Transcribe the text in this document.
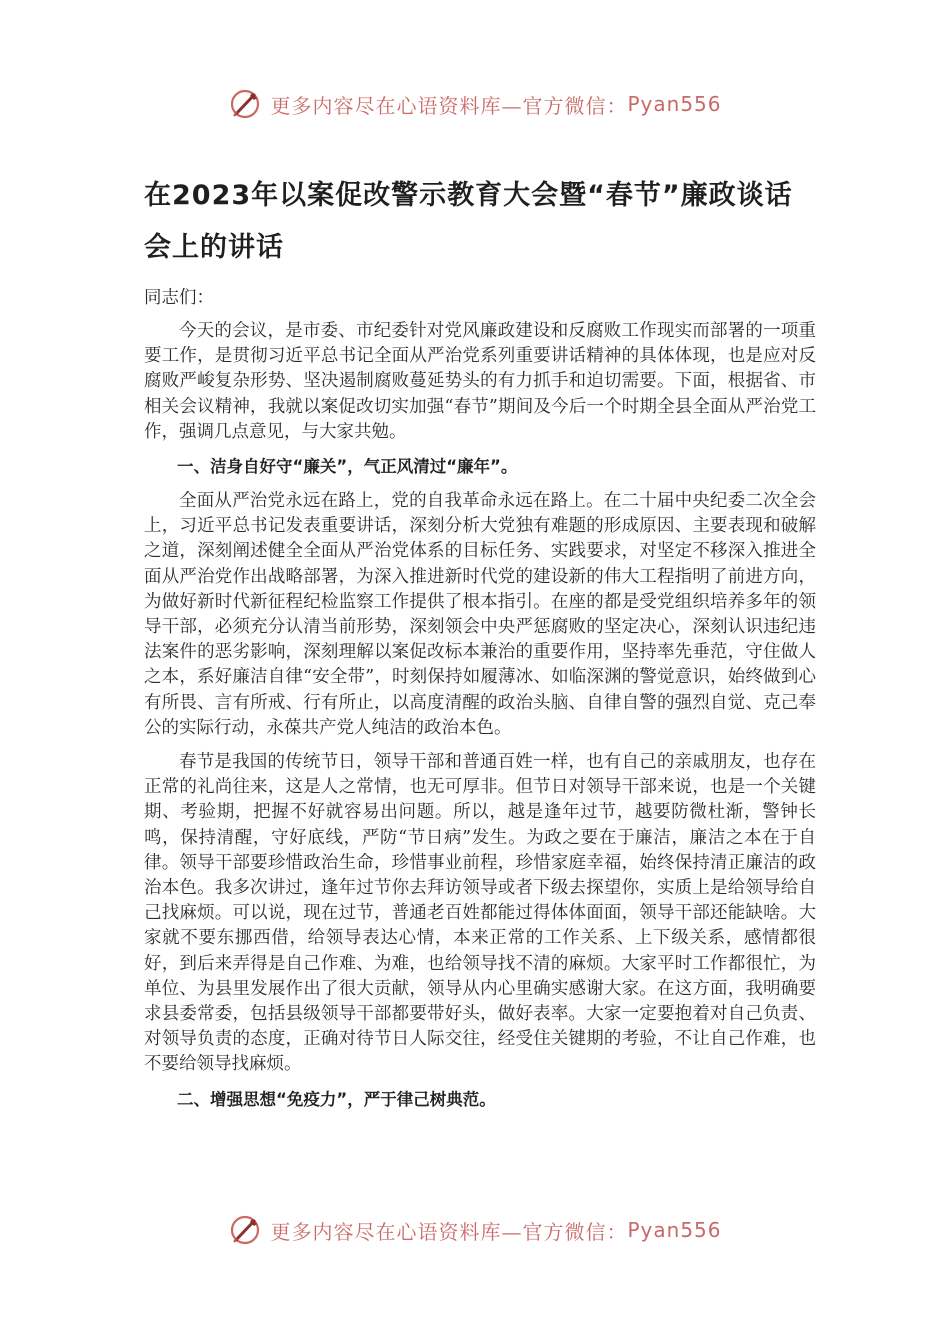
更多内容尽在心语资料库—官方微信： Pyan556
在2023年以案促改警示教育大会暨“春节”廉政谈话会上的讲话

同志们：

今天的会议，是市委、市纪委针对党风廉政建设和反腐败工作现实而部署的一项重要工作，是贯彻习近平总书记全面从严治党系列重要讲话精神的具体体现，也是应对反腐败严峻复杂形势、坚决遏制腐败蔓延势头的有力抓手和迫切需要。下面，根据省、市相关会议精神，我就以案促改切实加强“春节”期间及今后一个时期全县全面从严治党工作，强调几点意见，与大家共勉。

一、洁身自好守“廉关”，气正风清过“廉年”。

全面从严治党永远在路上，党的自我革命永远在路上。在二十届中央纪委二次全会上，习近平总书记发表重要讲话，深刻分析大党独有难题的形成原因、主要表现和破解之道，深刻阐述健全全面从严治党体系的目标任务、实践要求，对坚定不移深入推进全面从严治党作出战略部署，为深入推进新时代党的建设新的伟大工程指明了前进方向，为做好新时代新征程纪检监察工作提供了根本指引。在座的都是受党组织培养多年的领导干部，必须充分认清当前形势，深刻领会中央严惩腐败的坚定决心，深刻认识违纪违法案件的恶劣影响，深刻理解以案促改标本兼治的重要作用，坚持率先垂范，守住做人之本，系好廉洁自律“安全带”，时刻保持如履薄冰、如临深渊的警觉意识，始终做到心有所畏、言有所戒、行有所止，以高度清醒的政治头脑、自律自警的强烈自觉、克己奉公的实际行动，永葆共产党人纯洁的政治本色。

春节是我国的传统节日，领导干部和普通百姓一样，也有自己的亲戚朋友，也存在正常的礼尚往来，这是人之常情，也无可厚非。但节日对领导干部来说，也是一个关键期、考验期，把握不好就容易出问题。所以，越是逢年过节，越要防微杜渐，警钟长鸣，保持清醒，守好底线，严防“节日病”发生。为政之要在于廉洁，廉洁之本在于自律。领导干部要珍惜政治生命，珍惜事业前程，珍惜家庭幸福，始终保持清正廉洁的政治本色。我多次讲过，逢年过节你去拜访领导或者下级去探望你，实质上是给领导给自己找麻烦。可以说，现在过节，普通老百姓都能过得体体面面，领导干部还能缺啥。大家就不要东挪西借，给领导表达心情，本来正常的工作关系、上下级关系，感情都很好，到后来弄得是自己作难、为难，也给领导找不清的麻烦。大家平时工作都很忙，为单位、为县里发展作出了很大贡献，领导从内心里确实感谢大家。在这方面，我明确要求县委常委，包括县级领导干部都要带好头，做好表率。大家一定要抱着对自己负责、对领导负责的态度，正确对待节日人际交往，经受住关键期的考验，不让自己作难，也不要给领导找麻烦。

二、增强思想“免疫力”，严于律己树典范。

更多内容尽在心语资料库—官方微信： Pyan556
